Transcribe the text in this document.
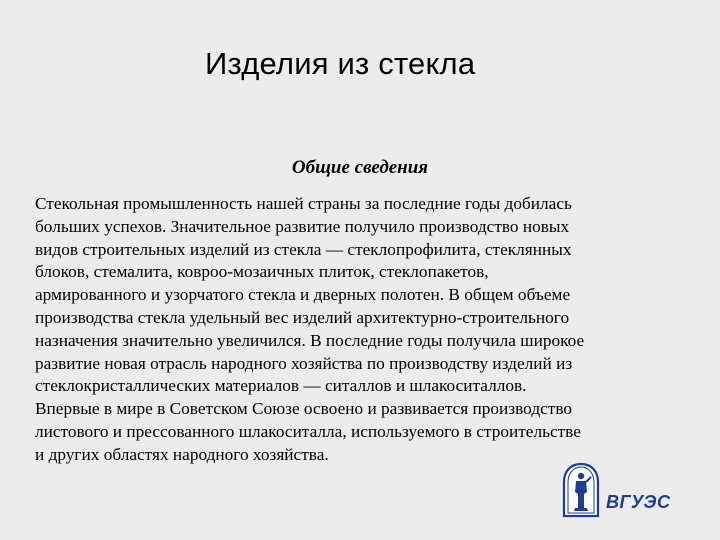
Изделия из стекла
Общие сведения
Стекольная промышленность нашей страны за последние годы добилась
больших успехов. Значительное развитие получило производство новых
видов строительных изделий из стекла — стеклопрофилита, стеклянных
блоков, стемалита, ковроо-мозаичных плиток, стеклопакетов,
армированного и узорчатого стекла и дверных полотен. В общем объеме
производства стекла удельный вес изделий архитектурно-строительного
назначения значительно увеличился. В последние годы получила широкое
развитие новая отрасль народного хозяйства по производству изделий из
стеклокристаллических материалов — ситаллов и шлакоситаллов.
Впервые в мире в Советском Союзе освоено и развивается производство
листового и прессованного шлакоситалла, используемого в строительстве
и других областях народного хозяйства.
ВГУЭС
